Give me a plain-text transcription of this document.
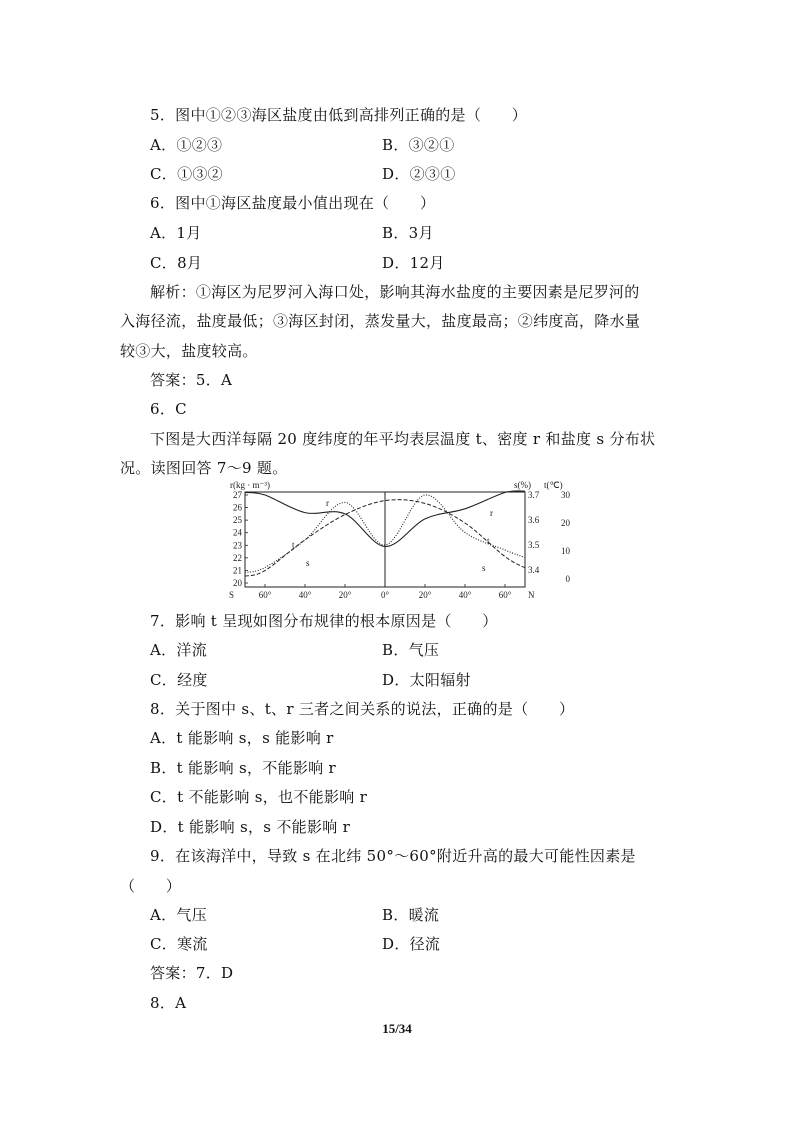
5．图中①②③海区盐度由低到高排列正确的是（　　）
A．①②③	B．③②①
C．①③②	D．②③①
6．图中①海区盐度最小值出现在（　　）
A．1月	B．3月
C．8月	D．12月
解析：①海区为尼罗河入海口处，影响其海水盐度的主要因素是尼罗河的
入海径流，盐度最低；③海区封闭，蒸发量大，盐度最高；②纬度高，降水量
较③大，盐度较高。
答案：5．A
6．C
下图是大西洋每隔 20 度纬度的年平均表层温度 t、密度 r 和盐度 s 分布状
况。读图回答 7～9 题。
r(kg · m⁻³)	s(%) t(℃)
27
26
25
24
23
22
21
20
3.7
3.6
3.5
3.4
30
20
10
0
S	60°	40°	20°	0°	20°	40°	60° N
r
t
s
r
t
s
7．影响 t 呈现如图分布规律的根本原因是（　　）
A．洋流	B．气压
C．经度	D．太阳辐射
8．关于图中 s、t、r 三者之间关系的说法，正确的是（　　）
A．t 能影响 s，s 能影响 r
B．t 能影响 s，不能影响 r
C．t 不能影响 s，也不能影响 r
D．t 能影响 s，s 不能影响 r
9．在该海洋中，导致 s 在北纬 50°～60°附近升高的最大可能性因素是
（　　）
A．气压	B．暖流
C．寒流	D．径流
答案：7．D
8．A
15/34
